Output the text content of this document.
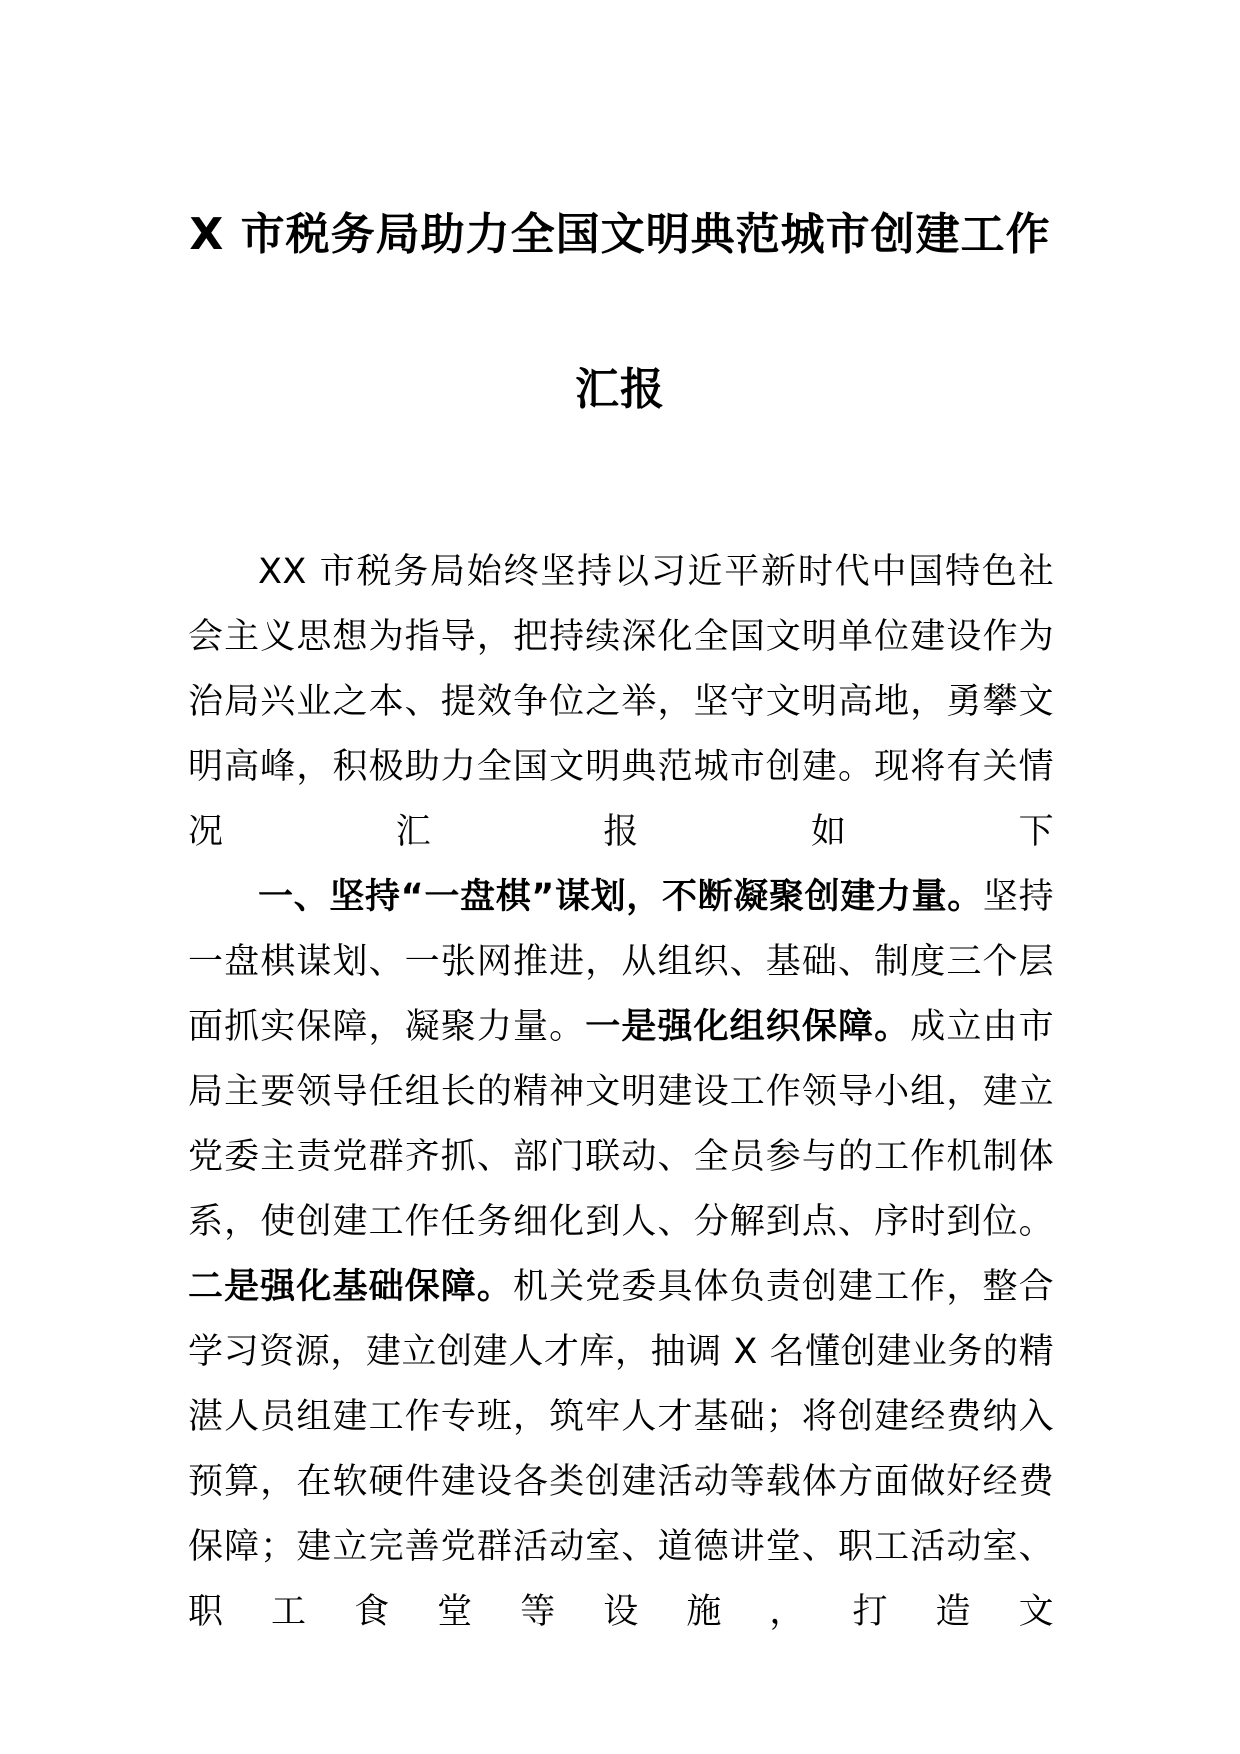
X 市税务局助力全国文明典范城市创建工作
汇报

XX 市税务局始终坚持以习近平新时代中国特色社会主义思想为指导，把持续深化全国文明单位建设作为治局兴业之本、提效争位之举，坚守文明高地，勇攀文明高峰，积极助力全国文明典范城市创建。现将有关情况汇报如下

一、坚持“一盘棋”谋划，不断凝聚创建力量。坚持一盘棋谋划、一张网推进，从组织、基础、制度三个层面抓实保障，凝聚力量。一是强化组织保障。成立由市局主要领导任组长的精神文明建设工作领导小组，建立党委主责党群齐抓、部门联动、全员参与的工作机制体系，使创建工作任务细化到人、分解到点、序时到位。二是强化基础保障。机关党委具体负责创建工作，整合学习资源，建立创建人才库，抽调 X 名懂创建业务的精湛人员组建工作专班，筑牢人才基础；将创建经费纳入预算，在软硬件建设各类创建活动等载体方面做好经费保障；建立完善党群活动室、道德讲堂、职工活动室、职工食堂等设施，打造文
